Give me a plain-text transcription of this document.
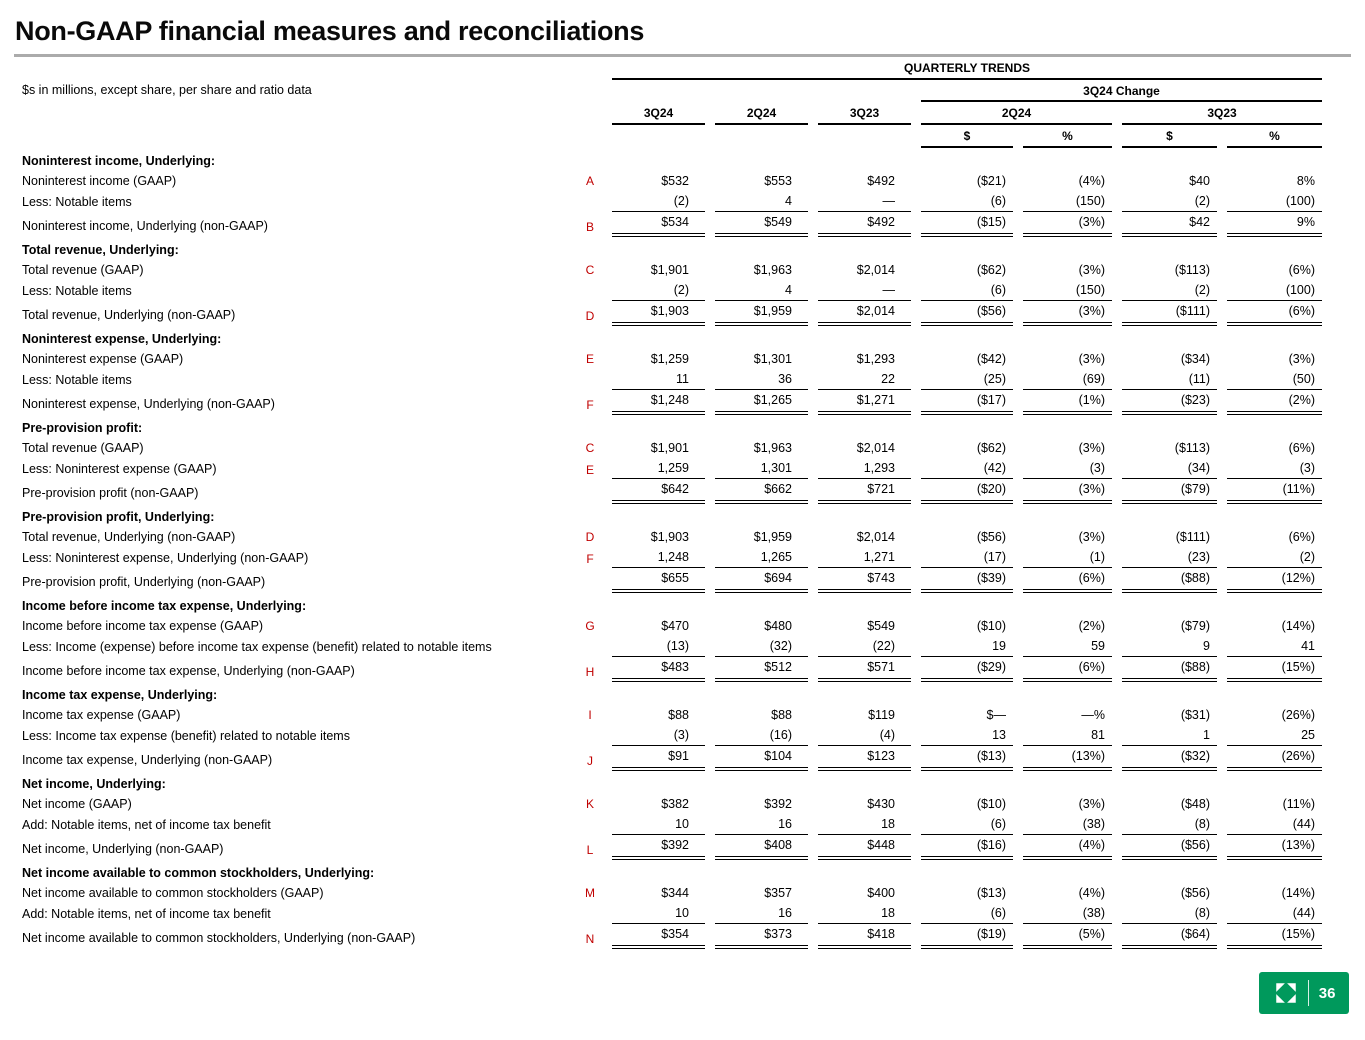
Non-GAAP financial measures and reconciliations
$s in millions, except share, per share and ratio data		QUARTERLY TRENDS						
					3Q24 Change			
		3Q24	2Q24	3Q23	2Q24		3Q23	
					$	%	$	%
Noninterest income, Underlying:								
Noninterest income (GAAP)	A	$532	$553	$492	($21)	(4%)	$40	8%
Less: Notable items		(2)	4	—	(6)	(150)	(2)	(100)
Noninterest income, Underlying (non-GAAP)	B	$534	$549	$492	($15)	(3%)	$42	9%
Total revenue, Underlying:								
Total revenue (GAAP)	C	$1,901	$1,963	$2,014	($62)	(3%)	($113)	(6%)
Less: Notable items		(2)	4	—	(6)	(150)	(2)	(100)
Total revenue, Underlying (non-GAAP)	D	$1,903	$1,959	$2,014	($56)	(3%)	($111)	(6%)
Noninterest expense, Underlying:								
Noninterest expense (GAAP)	E	$1,259	$1,301	$1,293	($42)	(3%)	($34)	(3%)
Less: Notable items		11	36	22	(25)	(69)	(11)	(50)
Noninterest expense, Underlying (non-GAAP)	F	$1,248	$1,265	$1,271	($17)	(1%)	($23)	(2%)
Pre-provision profit:								
Total revenue (GAAP)	C	$1,901	$1,963	$2,014	($62)	(3%)	($113)	(6%)
Less: Noninterest expense (GAAP)	E	1,259	1,301	1,293	(42)	(3)	(34)	(3)
Pre-provision profit (non-GAAP)		$642	$662	$721	($20)	(3%)	($79)	(11%)
Pre-provision profit, Underlying:								
Total revenue, Underlying (non-GAAP)	D	$1,903	$1,959	$2,014	($56)	(3%)	($111)	(6%)
Less: Noninterest expense, Underlying (non-GAAP)	F	1,248	1,265	1,271	(17)	(1)	(23)	(2)
Pre-provision profit, Underlying (non-GAAP)		$655	$694	$743	($39)	(6%)	($88)	(12%)
Income before income tax expense, Underlying:								
Income before income tax expense (GAAP)	G	$470	$480	$549	($10)	(2%)	($79)	(14%)
Less: Income (expense) before income tax expense (benefit) related to notable items		(13)	(32)	(22)	19	59	9	41
Income before income tax expense, Underlying (non-GAAP)	H	$483	$512	$571	($29)	(6%)	($88)	(15%)
Income tax expense, Underlying:								
Income tax expense (GAAP)	I	$88	$88	$119	$—	—%	($31)	(26%)
Less: Income tax expense (benefit) related to notable items		(3)	(16)	(4)	13	81	1	25
Income tax expense, Underlying (non-GAAP)	J	$91	$104	$123	($13)	(13%)	($32)	(26%)
Net income, Underlying:								
Net income (GAAP)	K	$382	$392	$430	($10)	(3%)	($48)	(11%)
Add: Notable items, net of income tax benefit		10	16	18	(6)	(38)	(8)	(44)
Net income, Underlying (non-GAAP)	L	$392	$408	$448	($16)	(4%)	($56)	(13%)
Net income available to common stockholders, Underlying:								
Net income available to common stockholders (GAAP)	M	$344	$357	$400	($13)	(4%)	($56)	(14%)
Add: Notable items, net of income tax benefit		10	16	18	(6)	(38)	(8)	(44)
Net income available to common stockholders, Underlying (non-GAAP)	N	$354	$373	$418	($19)	(5%)	($64)	(15%)
36
